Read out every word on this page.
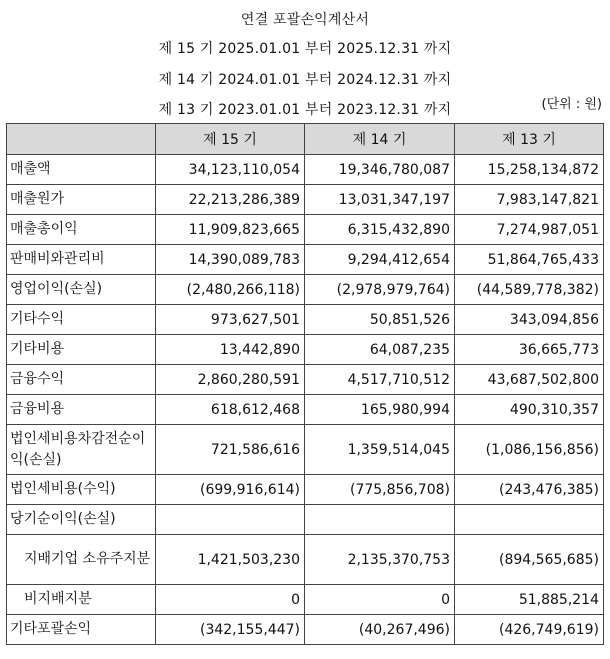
연결 포괄손익계산서
제 15 기 2025.01.01 부터 2025.12.31 까지
제 14 기 2024.01.01 부터 2024.12.31 까지
제 13 기 2023.01.01 부터 2023.12.31 까지	(단위 : 원)
	제 15 기	제 14 기	제 13 기
매출액	34,123,110,054	19,346,780,087	15,258,134,872
매출원가	22,213,286,389	13,031,347,197	7,983,147,821
매출총이익	11,909,823,665	6,315,432,890	7,274,987,051
판매비와관리비	14,390,089,783	9,294,412,654	51,864,765,433
영업이익(손실)	(2,480,266,118)	(2,978,979,764)	(44,589,778,382)
기타수익	973,627,501	50,851,526	343,094,856
기타비용	13,442,890	64,087,235	36,665,773
금융수익	2,860,280,591	4,517,710,512	43,687,502,800
금융비용	618,612,468	165,980,994	490,310,357
법인세비용차감전순이익(손실)	721,586,616	1,359,514,045	(1,086,156,856)
법인세비용(수익)	(699,916,614)	(775,856,708)	(243,476,385)
당기순이익(손실)			
지배기업 소유주지분	1,421,503,230	2,135,370,753	(894,565,685)
비지배지분	0	0	51,885,214
기타포괄손익	(342,155,447)	(40,267,496)	(426,749,619)
